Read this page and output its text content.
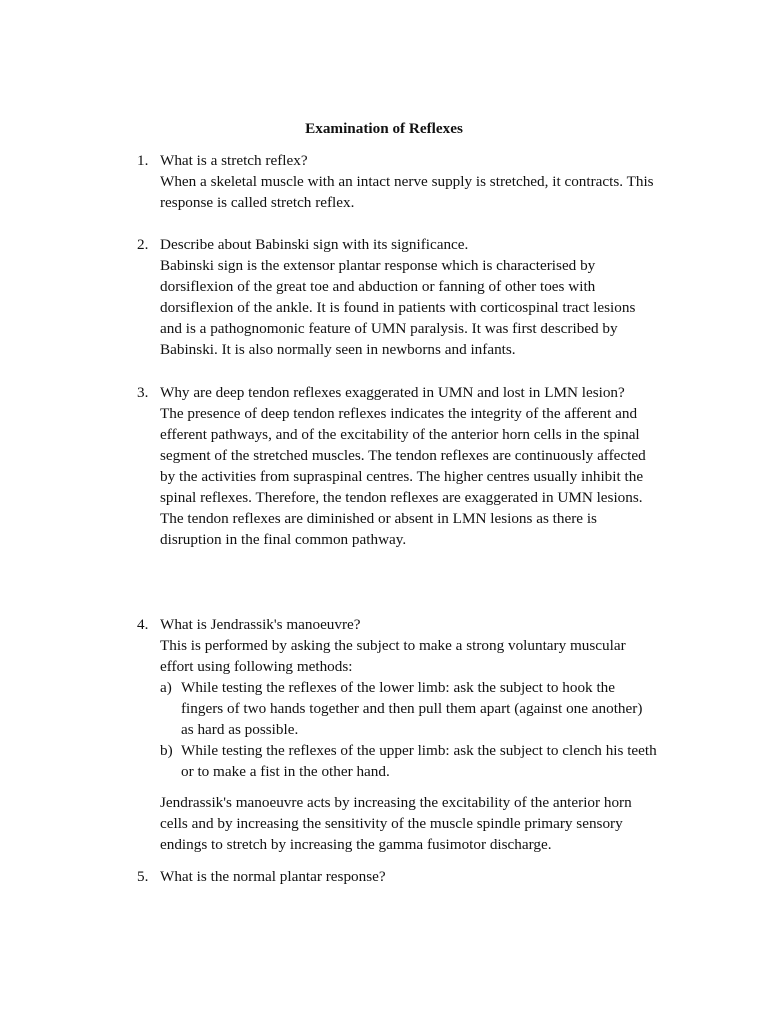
Examination of Reflexes
1. What is a stretch reflex?

When a skeletal muscle with an intact nerve supply is stretched, it contracts. This response is called stretch reflex.

2. Describe about Babinski sign with its significance.

Babinski sign is the extensor plantar response which is characterised by dorsiflexion of the great toe and abduction or fanning of other toes with dorsiflexion of the ankle. It is found in patients with corticospinal tract lesions and is a pathognomonic feature of UMN paralysis. It was first described by Babinski. It is also normally seen in newborns and infants.

3. Why are deep tendon reflexes exaggerated in UMN and lost in LMN lesion?

The presence of deep tendon reflexes indicates the integrity of the afferent and efferent pathways, and of the excitability of the anterior horn cells in the spinal segment of the stretched muscles. The tendon reflexes are continuously affected by the activities from supraspinal centres. The higher centres usually inhibit the spinal reflexes. Therefore, the tendon reflexes are exaggerated in UMN lesions. The tendon reflexes are diminished or absent in LMN lesions as there is disruption in the final common pathway.

4. What is Jendrassik's manoeuvre?

This is performed by asking the subject to make a strong voluntary muscular effort using following methods:

a) While testing the reflexes of the lower limb: ask the subject to hook the fingers of two hands together and then pull them apart (against one another) as hard as possible.

b) While testing the reflexes of the upper limb: ask the subject to clench his teeth or to make a fist in the other hand.

Jendrassik's manoeuvre acts by increasing the excitability of the anterior horn cells and by increasing the sensitivity of the muscle spindle primary sensory endings to stretch by increasing the gamma fusimotor discharge.

5. What is the normal plantar response?
